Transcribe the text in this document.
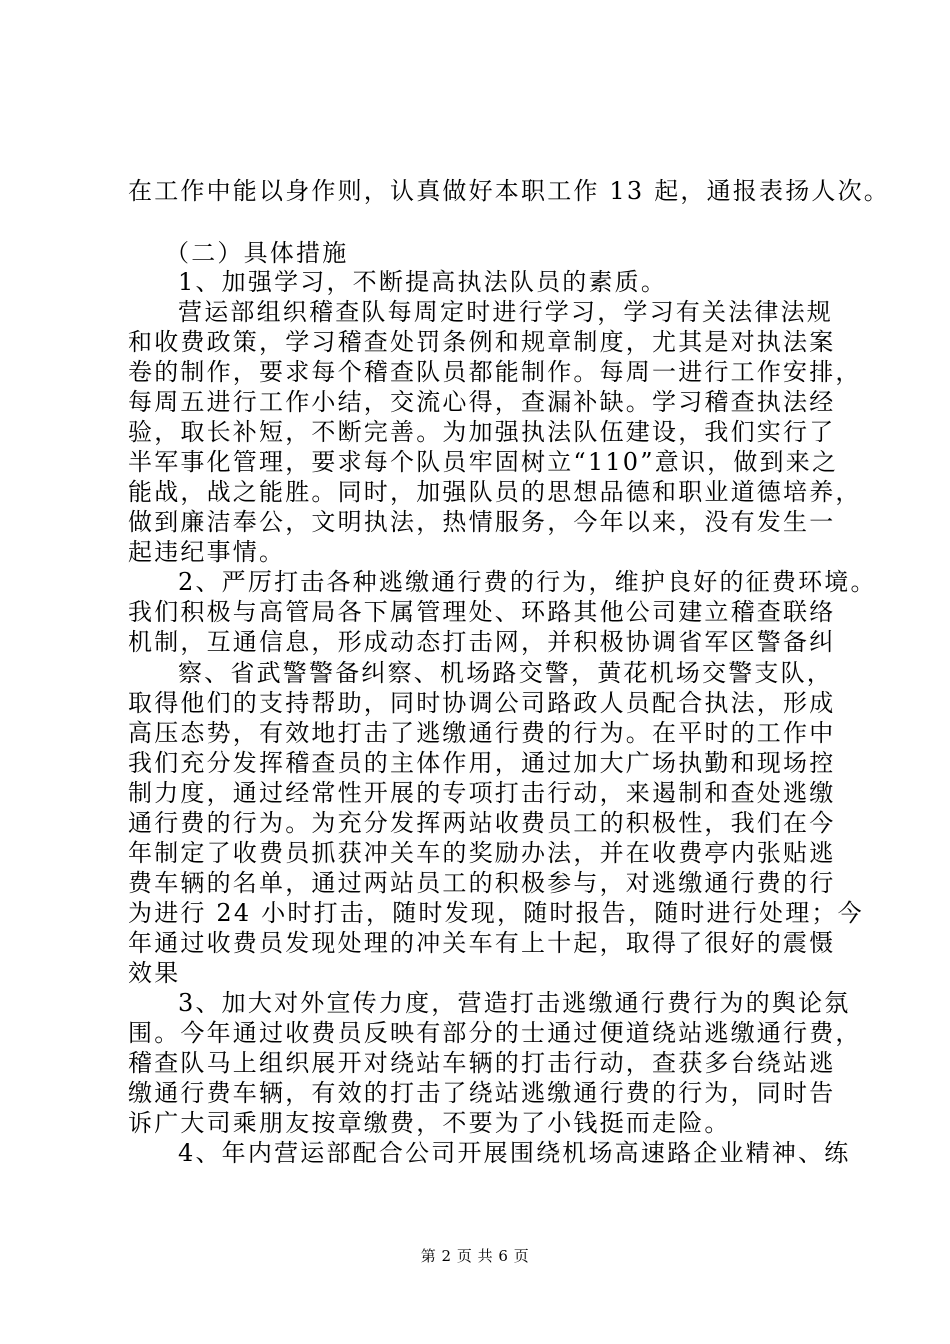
在工作中能以身作则，认真做好本职工作 13 起，通报表扬人次。
（二）具体措施
1、加强学习，不断提高执法队员的素质。
营运部组织稽查队每周定时进行学习，学习有关法律法规
和收费政策，学习稽查处罚条例和规章制度，尤其是对执法案
卷的制作，要求每个稽查队员都能制作。每周一进行工作安排，
每周五进行工作小结，交流心得，查漏补缺。学习稽查执法经
验，取长补短，不断完善。为加强执法队伍建设，我们实行了
半军事化管理，要求每个队员牢固树立“110”意识，做到来之
能战，战之能胜。同时，加强队员的思想品德和职业道德培养，
做到廉洁奉公，文明执法，热情服务，今年以来，没有发生一
起违纪事情。
2、严厉打击各种逃缴通行费的行为，维护良好的征费环境。
我们积极与高管局各下属管理处、环路其他公司建立稽查联络
机制，互通信息，形成动态打击网，并积极协调省军区警备纠
察、省武警警备纠察、机场路交警，黄花机场交警支队，
取得他们的支持帮助，同时协调公司路政人员配合执法，形成
高压态势，有效地打击了逃缴通行费的行为。在平时的工作中
我们充分发挥稽查员的主体作用，通过加大广场执勤和现场控
制力度，通过经常性开展的专项打击行动，来遏制和查处逃缴
通行费的行为。为充分发挥两站收费员工的积极性，我们在今
年制定了收费员抓获冲关车的奖励办法，并在收费亭内张贴逃
费车辆的名单，通过两站员工的积极参与，对逃缴通行费的行
为进行 24 小时打击，随时发现，随时报告，随时进行处理；今
年通过收费员发现处理的冲关车有上十起，取得了很好的震慑
效果
3、加大对外宣传力度，营造打击逃缴通行费行为的舆论氛
围。今年通过收费员反映有部分的士通过便道绕站逃缴通行费，
稽查队马上组织展开对绕站车辆的打击行动，查获多台绕站逃
缴通行费车辆，有效的打击了绕站逃缴通行费的行为，同时告
诉广大司乘朋友按章缴费，不要为了小钱挺而走险。
4、年内营运部配合公司开展围绕机场高速路企业精神、练
第 2 页 共 6 页
